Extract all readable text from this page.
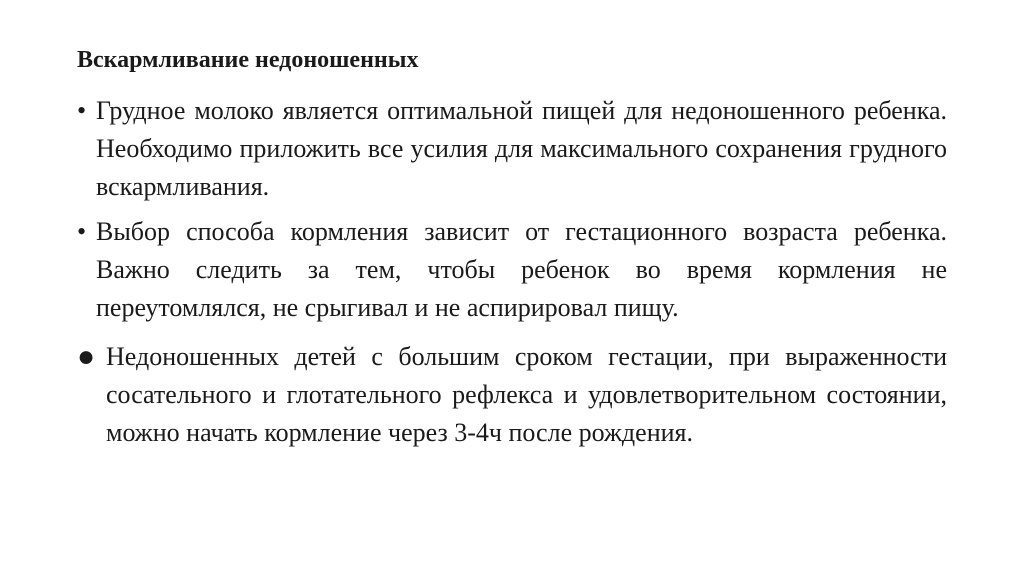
Вскармливание недоношенных
• Грудное молоко является оптимальной пищей для недоношенного ребенка. Необходимо приложить все усилия для максимального сохранения грудного вскармливания.
• Выбор способа кормления зависит от гестационного возраста ребенка. Важно следить за тем, чтобы ребенок во время кормления не переутомлялся, не срыгивал и не аспирировал пищу.
● Недоношенных детей с большим сроком гестации, при выраженности сосательного и глотательного рефлекса и удовлетворительном состоянии, можно начать кормление через 3-4ч после рождения.
